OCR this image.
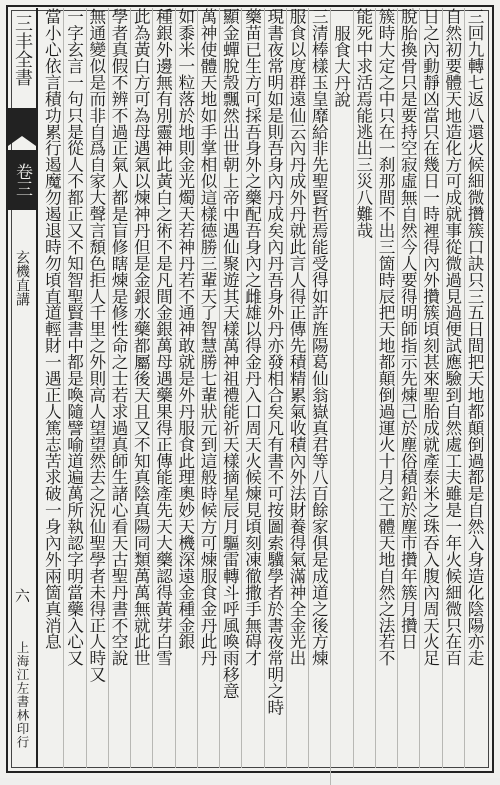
三丰全書
卷三
玄機直講
六
上海江左書林印行
三回九轉七返八還火候細微攢簇口訣只三五日間把天地都顛倒過都是自然入身造化陰陽亦走
自然初要體天地造化方可成就事從微過見過便試應驗到自然處工夫雖是一年火候細微只在百
日之內動靜凶當只在幾日一時裡得內外攢簇頃刻甚來聖胎成就產泰米之珠吞入腹內周天火足
脫胎換骨只是要持空寂虛無自然今人要得明師指示先煉己於塵俗積鉛於塵市攢年簇月攢日
簇時大定之中只在一刹那間不出三箇時辰把天地都顛倒過運火十月之工體天地自然之法若不
能死中求活焉能逃出三災八難哉
服食大丹說
三清棒樣玉皇靡給非先聖賢哲焉能受得如許旌陽葛仙翁嶽真君等八百餘家俱是成道之後方煉
服食以度群遠仙云內丹成外丹就此言人得正傳先積精累氣收積內外法財養得氣滿神全金光出
現書夜常明如是則吾身內丹成矣內丹吾身外丹亦發相合矣凡有書不可按圖索驥學者於書夜常明之時
藥苗已生方可採吾身外之藥配吾身內之雌雄以得金丹入口周天火候煉見頃刻凍徹撒手無碍才
顯金蟬脫殼飄然出世朝上帝中遇仙聚遊其天樣萬神祖禮能祈天樣摘星辰月驅雷轉斗呼風喚雨移意
萬神使體天地如手掌相似這樣德勝三輩天了智慧勝七輩狀元到這般時候方可煉服食金丹此丹
如黍米一粒落於地則金光燭天若神丹若不通神敢就是外丹服食此理奧妙天機深遠金種金銀
種銀外邊無有別靈神此黃白之術不是凡間金銀萬母遇藥果得正傳能產先天大藥認得黃芽白雪
此為黃白方可為母遇氣以煉神丹但是金銀水藥都屬後天且又不知真陰真陽同類萬萬無就此世
學者真假不辨不過正氣人都是盲修瞎煉是修性命之士若求過真師生諸心看天古聖丹書不空說
無通變似是而非自爲自家大聲言頹色拒人千里之外則高人望望然去之況仙聖學者未得正人時又
一字玄言一句只是從人不都正又不知智聖賢書中都是喚隨譬喻道遍萬所執認字明當藥入心又
當小心依言積功累行遏魔勿遏退時勿頃直道輕財一遇正人篤志苦求破一身內外兩箇真消息
